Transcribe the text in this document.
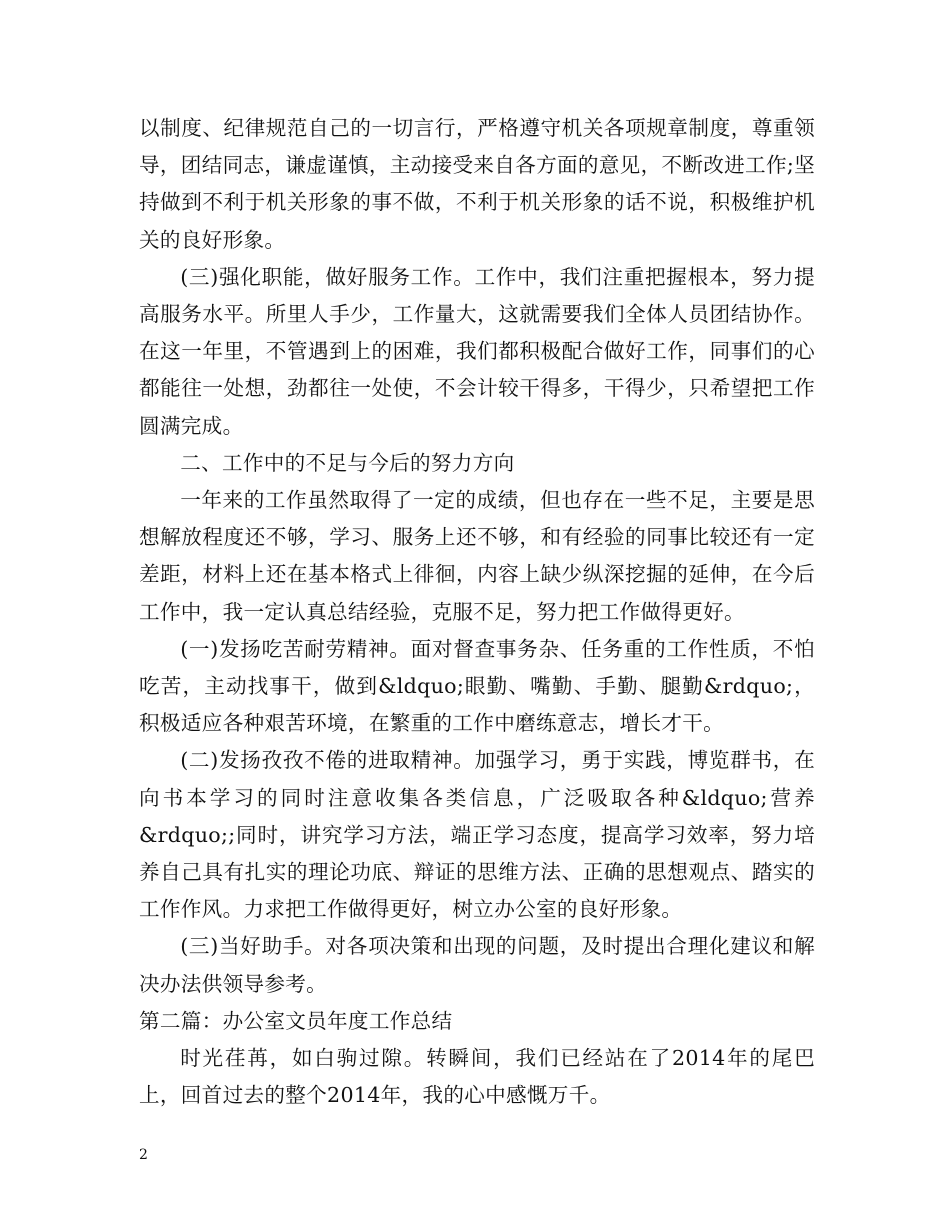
以制度、纪律规范自己的一切言行，严格遵守机关各项规章制度，尊重领导，团结同志，谦虚谨慎，主动接受来自各方面的意见，不断改进工作;坚持做到不利于机关形象的事不做，不利于机关形象的话不说，积极维护机关的良好形象。

(三)强化职能，做好服务工作。工作中，我们注重把握根本，努力提高服务水平。所里人手少，工作量大，这就需要我们全体人员团结协作。在这一年里，不管遇到上的困难，我们都积极配合做好工作，同事们的心都能往一处想，劲都往一处使，不会计较干得多，干得少，只希望把工作圆满完成。

二、工作中的不足与今后的努力方向

一年来的工作虽然取得了一定的成绩，但也存在一些不足，主要是思想解放程度还不够，学习、服务上还不够，和有经验的同事比较还有一定差距，材料上还在基本格式上徘徊，内容上缺少纵深挖掘的延伸，在今后工作中，我一定认真总结经验，克服不足，努力把工作做得更好。

(一)发扬吃苦耐劳精神。面对督查事务杂、任务重的工作性质，不怕吃苦，主动找事干，做到&ldquo;眼勤、嘴勤、手勤、腿勤&rdquo;，积极适应各种艰苦环境，在繁重的工作中磨练意志，增长才干。

(二)发扬孜孜不倦的进取精神。加强学习，勇于实践，博览群书，在向书本学习的同时注意收集各类信息，广泛吸取各种&ldquo;营养&rdquo;;同时，讲究学习方法，端正学习态度，提高学习效率，努力培养自己具有扎实的理论功底、辩证的思维方法、正确的思想观点、踏实的工作作风。力求把工作做得更好，树立办公室的良好形象。

(三)当好助手。对各项决策和出现的问题，及时提出合理化建议和解决办法供领导参考。

第二篇：办公室文员年度工作总结

时光荏苒，如白驹过隙。转瞬间，我们已经站在了2014年的尾巴上，回首过去的整个2014年，我的心中感慨万千。

2
